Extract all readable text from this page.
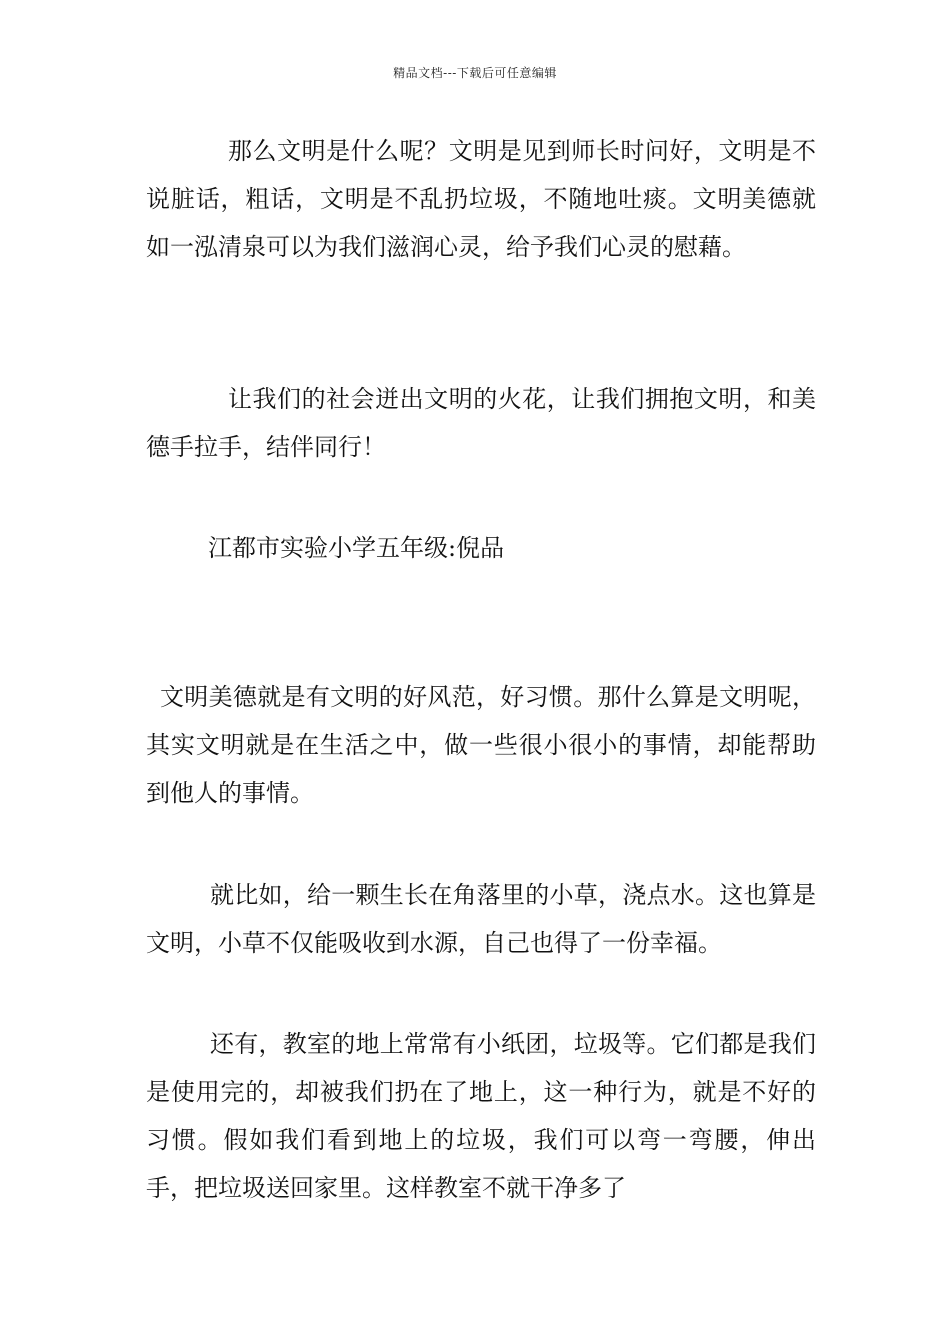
精品文档---下载后可任意编辑

那么文明是什么呢？文明是见到师长时问好，文明是不说脏话，粗话，文明是不乱扔垃圾，不随地吐痰。文明美德就如一泓清泉可以为我们滋润心灵，给予我们心灵的慰藉。

让我们的社会迸出文明的火花，让我们拥抱文明，和美德手拉手，结伴同行！

江都市实验小学五年级:倪品

文明美德就是有文明的好风范，好习惯。那什么算是文明呢，其实文明就是在生活之中，做一些很小很小的事情，却能帮助到他人的事情。

就比如，给一颗生长在角落里的小草，浇点水。这也算是文明，小草不仅能吸收到水源，自己也得了一份幸福。

还有，教室的地上常常有小纸团，垃圾等。它们都是我们是使用完的，却被我们扔在了地上，这一种行为，就是不好的习惯。假如我们看到地上的垃圾，我们可以弯一弯腰，伸出手，把垃圾送回家里。这样教室不就干净多了
